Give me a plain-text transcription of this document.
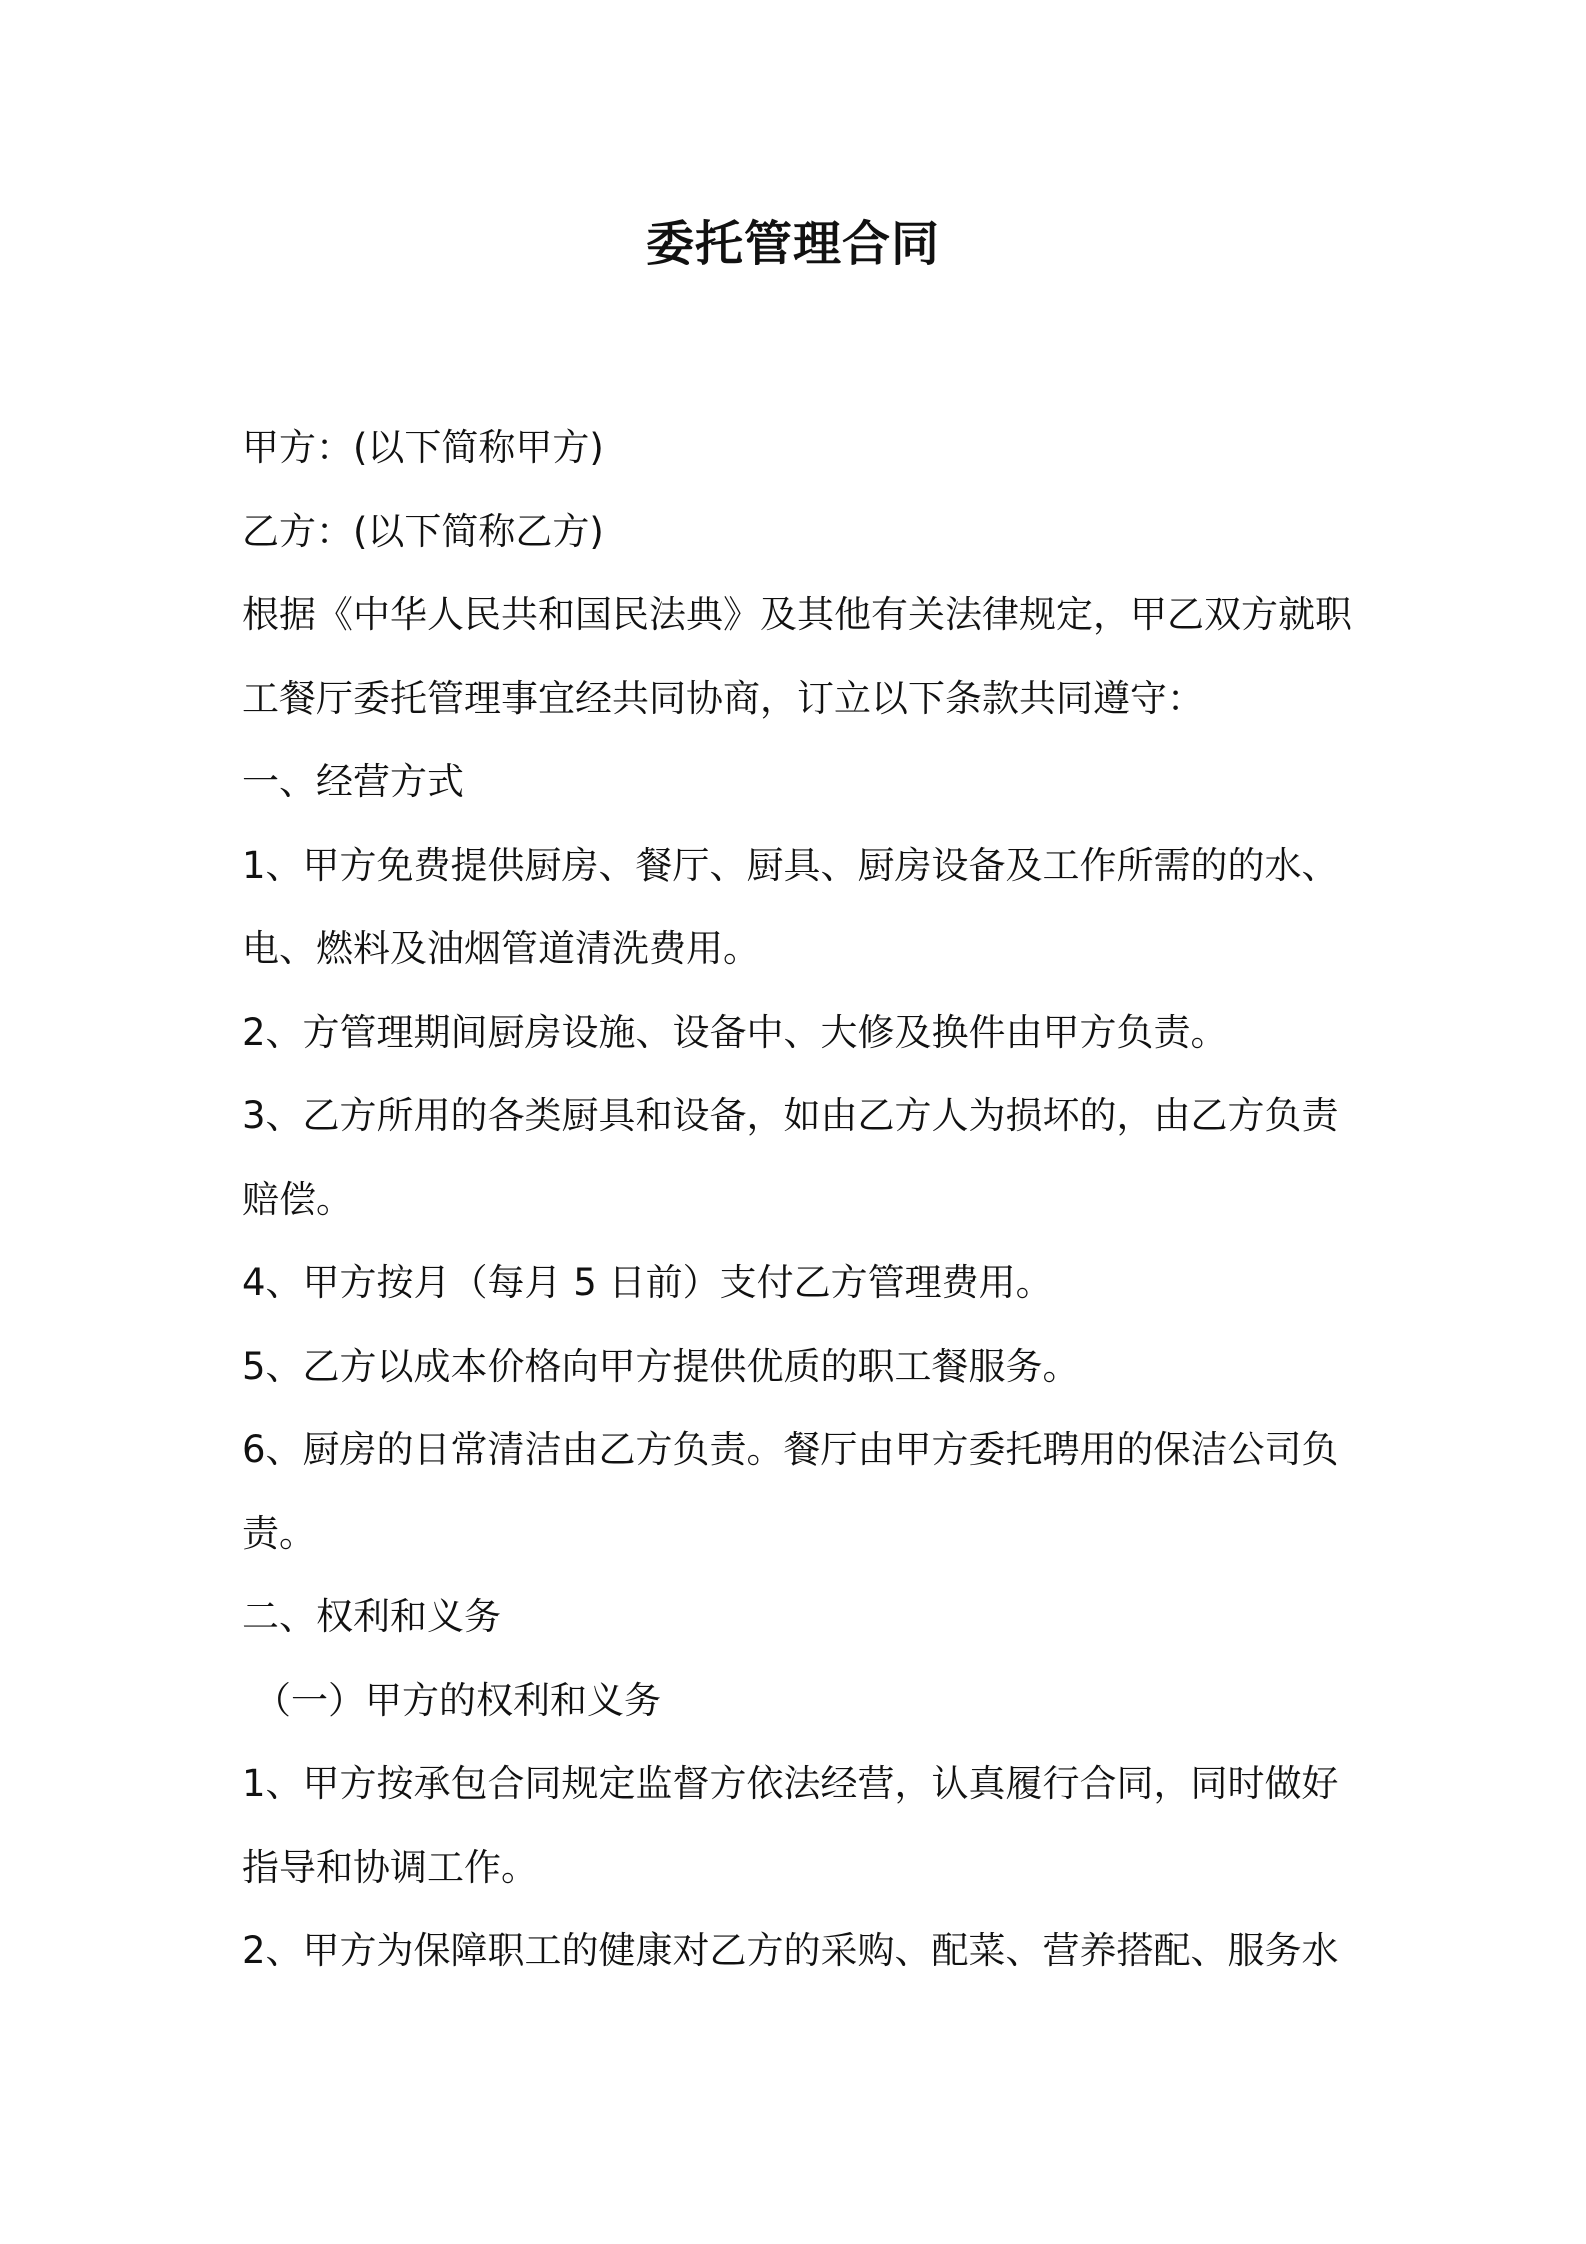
委托管理合同
甲方：(以下简称甲方)
乙方：(以下简称乙方)
根据《中华人民共和国民法典》及其他有关法律规定，甲乙双方就职
工餐厅委托管理事宜经共同协商，订立以下条款共同遵守：
一、经营方式
1、甲方免费提供厨房、餐厅、厨具、厨房设备及工作所需的的水、
电、燃料及油烟管道清洗费用。
2、方管理期间厨房设施、设备中、大修及换件由甲方负责。
3、乙方所用的各类厨具和设备，如由乙方人为损坏的，由乙方负责
赔偿。
4、甲方按月（每月 5 日前）支付乙方管理费用。
5、乙方以成本价格向甲方提供优质的职工餐服务。
6、厨房的日常清洁由乙方负责。餐厅由甲方委托聘用的保洁公司负
责。
二、权利和义务
（一）甲方的权利和义务
1、甲方按承包合同规定监督方依法经营，认真履行合同，同时做好
指导和协调工作。
2、甲方为保障职工的健康对乙方的采购、配菜、营养搭配、服务水
